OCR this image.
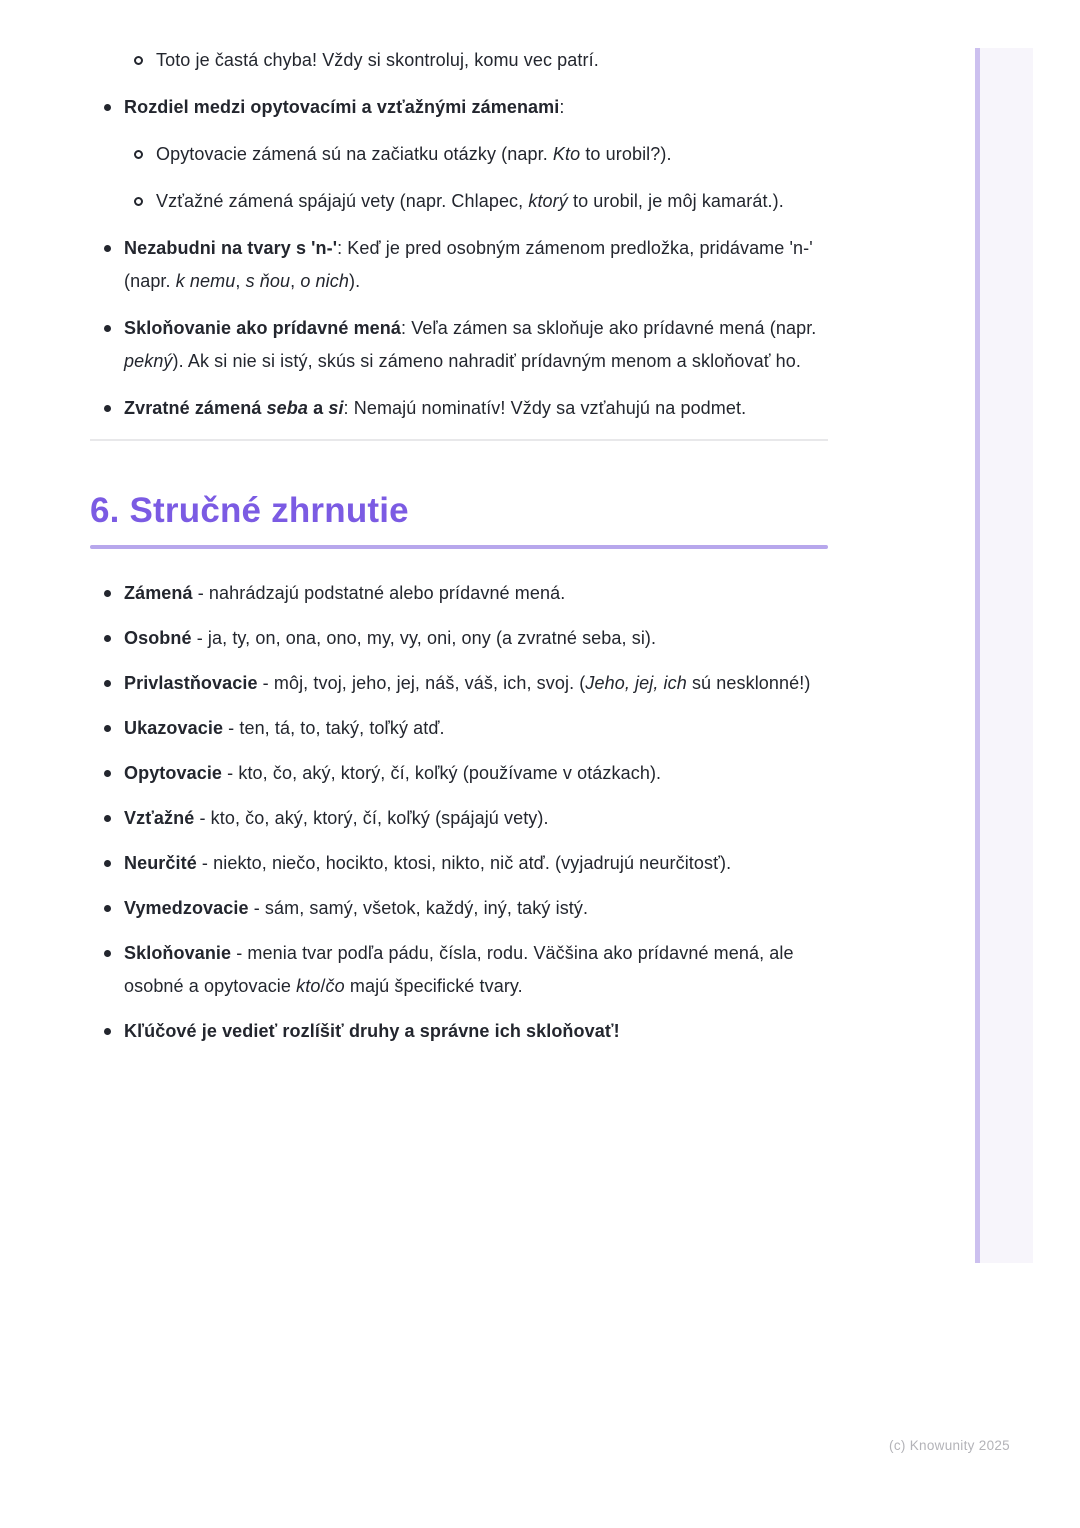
Toto je častá chyba! Vždy si skontroluj, komu vec patrí.
Rozdiel medzi opytovacími a vzťažnými zámenami:
Opytovacie zámená sú na začiatku otázky (napr. Kto to urobil?).
Vzťažné zámená spájajú vety (napr. Chlapec, ktorý to urobil, je môj kamarát.).
Nezabudni na tvary s 'n-': Keď je pred osobným zámenom predložka, pridávame 'n-' (napr. k nemu, s ňou, o nich).
Skloňovanie ako prídavné mená: Veľa zámen sa skloňuje ako prídavné mená (napr. pekný). Ak si nie si istý, skús si zámeno nahradiť prídavným menom a skloňovať ho.
Zvratné zámená seba a si: Nemajú nominatív! Vždy sa vzťahujú na podmet.
6. Stručné zhrnutie
Zámená - nahrádzajú podstatné alebo prídavné mená.
Osobné - ja, ty, on, ona, ono, my, vy, oni, ony (a zvratné seba, si).
Privlastňovacie - môj, tvoj, jeho, jej, náš, váš, ich, svoj. (Jeho, jej, ich sú nesklonné!)
Ukazovacie - ten, tá, to, taký, toľký atď.
Opytovacie - kto, čo, aký, ktorý, čí, koľký (používame v otázkach).
Vzťažné - kto, čo, aký, ktorý, čí, koľký (spájajú vety).
Neurčité - niekto, niečo, hocikto, ktosi, nikto, nič atď. (vyjadrujú neurčitosť).
Vymedzovacie - sám, samý, všetok, každý, iný, taký istý.
Skloňovanie - menia tvar podľa pádu, čísla, rodu. Väčšina ako prídavné mená, ale osobné a opytovacie kto/čo majú špecifické tvary.
Kľúčové je vedieť rozlíšiť druhy a správne ich skloňovať!
(c) Knowunity 2025
